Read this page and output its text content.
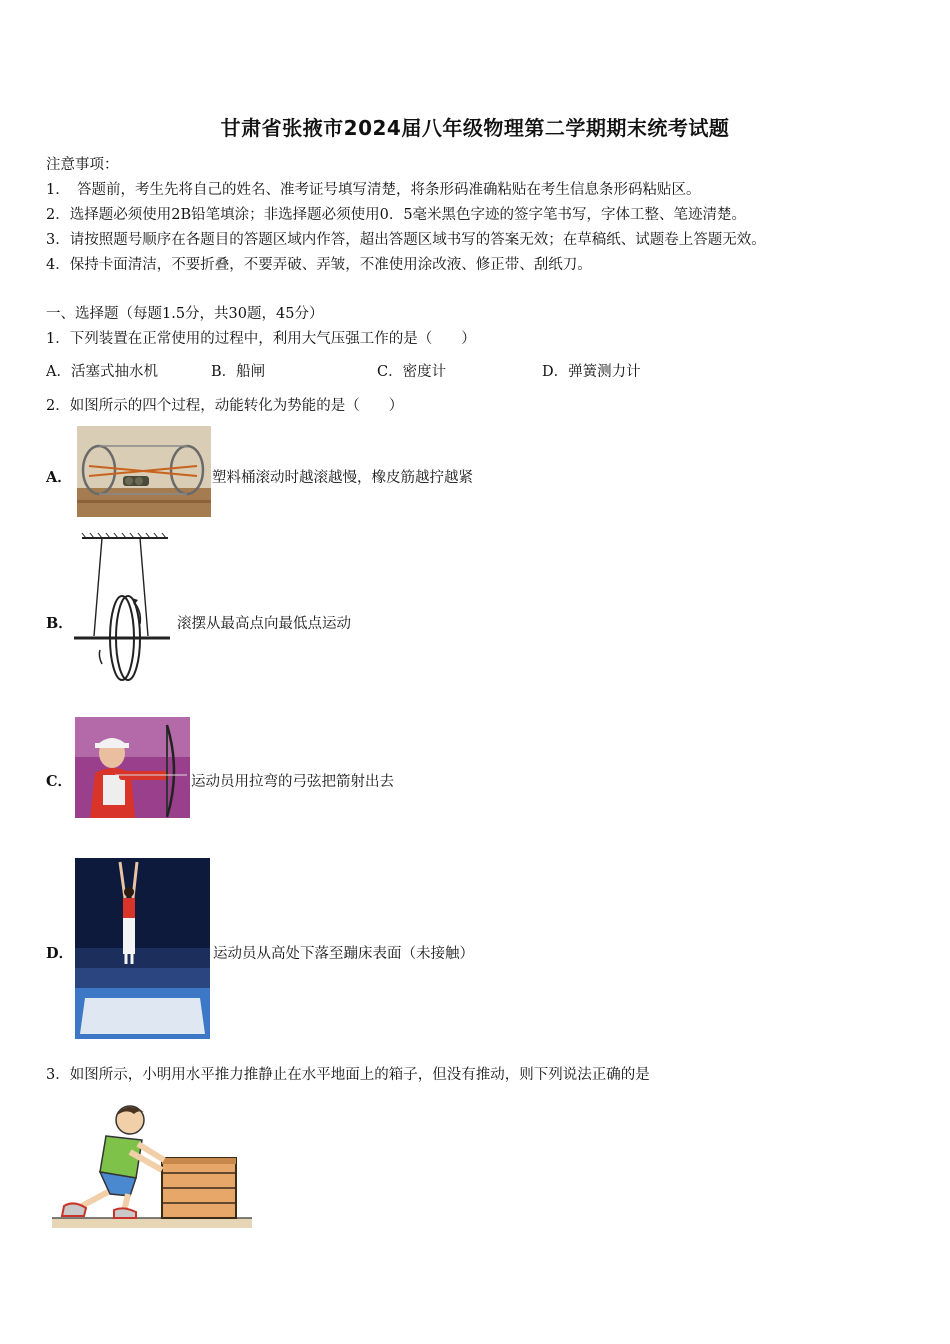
甘肃省张掖市2024届八年级物理第二学期期末统考试题
注意事项：
1．　答题前，考生先将自己的姓名、准考证号填写清楚，将条形码准确粘贴在考生信息条形码粘贴区。
2．选择题必须使用2B铅笔填涂；非选择题必须使用0．5毫米黑色字迹的签字笔书写，字体工整、笔迹清楚。
3．请按照题号顺序在各题目的答题区域内作答，超出答题区域书写的答案无效；在草稿纸、试题卷上答题无效。
4．保持卡面清洁，不要折叠，不要弄破、弄皱，不准使用涂改液、修正带、刮纸刀。
一、选择题（每题1.5分，共30题，45分）
1．下列装置在正常使用的过程中，利用大气压强工作的是（　　）
A．活塞式抽水机	B．船闸	C．密度计	D．弹簧测力计
2．如图所示的四个过程，动能转化为势能的是（　　）
A．	塑料桶滚动时越滚越慢，橡皮筋越拧越紧
B．	滚摆从最高点向最低点运动
C．	运动员用拉弯的弓弦把箭射出去
D．	运动员从高处下落至蹦床表面（未接触）
3．如图所示，小明用水平推力推静止在水平地面上的箱子，但没有推动，则下列说法正确的是
